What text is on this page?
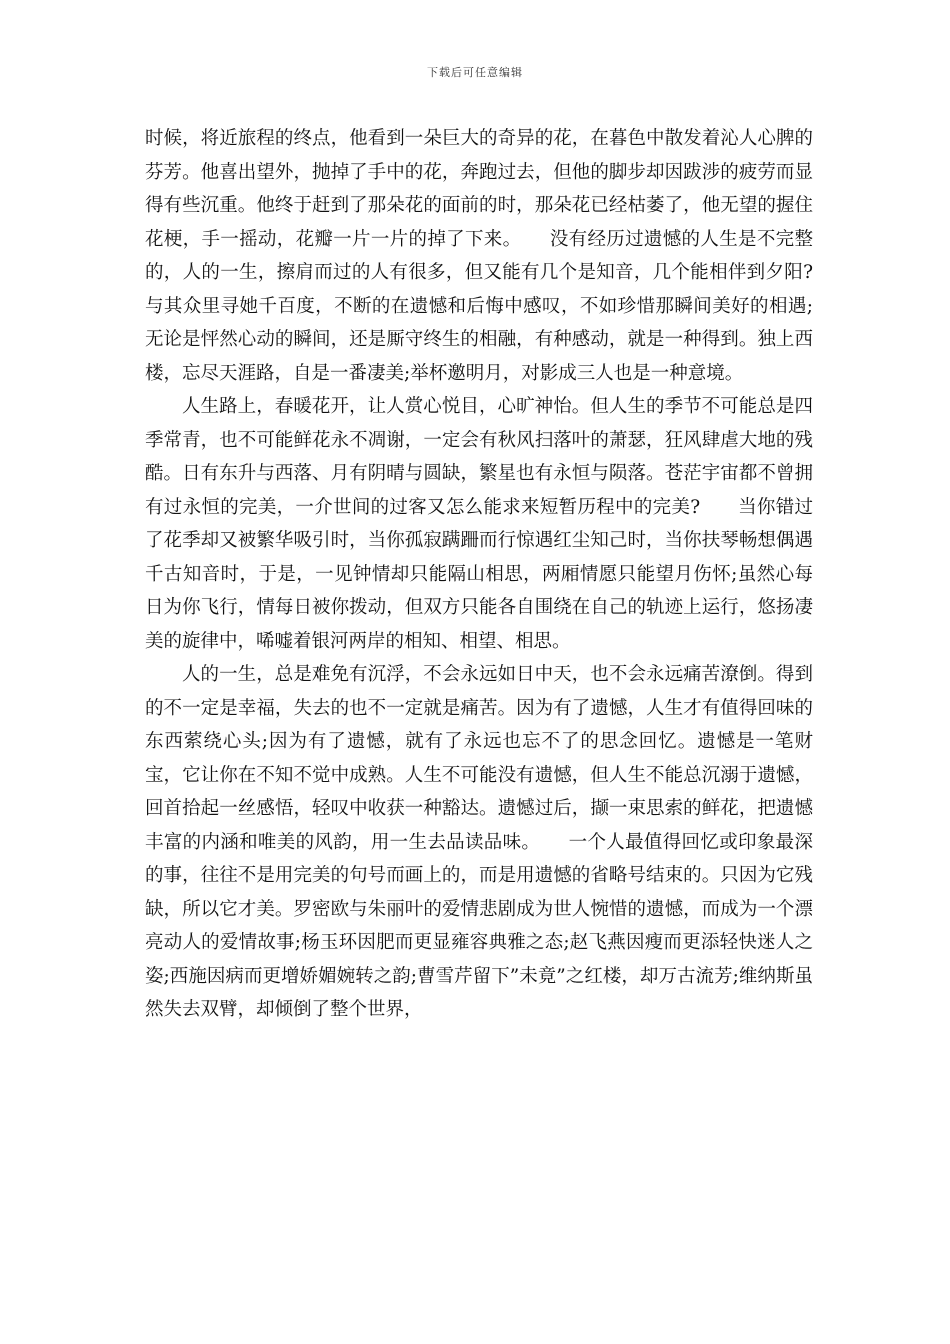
下载后可任意编辑

时候，将近旅程的终点，他看到一朵巨大的奇异的花，在暮色中散发着沁人心脾的芬芳。他喜出望外，抛掉了手中的花，奔跑过去，但他的脚步却因跋涉的疲劳而显得有些沉重。他终于赶到了那朵花的面前的时，那朵花已经枯萎了，他无望的握住花梗，手一摇动，花瓣一片一片的掉了下来。　　没有经历过遗憾的人生是不完整的，人的一生，擦肩而过的人有很多，但又能有几个是知音，几个能相伴到夕阳?与其众里寻她千百度，不断的在遗憾和后悔中感叹，不如珍惜那瞬间美好的相遇;无论是怦然心动的瞬间，还是厮守终生的相融，有种感动，就是一种得到。独上西楼，忘尽天涯路，自是一番凄美;举杯邀明月，对影成三人也是一种意境。

人生路上，春暖花开，让人赏心悦目，心旷神怡。但人生的季节不可能总是四季常青，也不可能鲜花永不凋谢，一定会有秋风扫落叶的萧瑟，狂风肆虐大地的残酷。日有东升与西落、月有阴晴与圆缺，繁星也有永恒与陨落。苍茫宇宙都不曾拥有过永恒的完美，一介世间的过客又怎么能求来短暂历程中的完美?　　当你错过了花季却又被繁华吸引时，当你孤寂蹒跚而行惊遇红尘知己时，当你扶琴畅想偶遇千古知音时，于是，一见钟情却只能隔山相思，两厢情愿只能望月伤怀;虽然心每日为你飞行，情每日被你拨动，但双方只能各自围绕在自己的轨迹上运行，悠扬凄美的旋律中，唏嘘着银河两岸的相知、相望、相思。

人的一生，总是难免有沉浮，不会永远如日中天，也不会永远痛苦潦倒。得到的不一定是幸福，失去的也不一定就是痛苦。因为有了遗憾，人生才有值得回味的东西萦绕心头;因为有了遗憾，就有了永远也忘不了的思念回忆。遗憾是一笔财宝，它让你在不知不觉中成熟。人生不可能没有遗憾，但人生不能总沉溺于遗憾，回首拾起一丝感悟，轻叹中收获一种豁达。遗憾过后，撷一束思索的鲜花，把遗憾丰富的内涵和唯美的风韵，用一生去品读品味。　　一个人最值得回忆或印象最深的事，往往不是用完美的句号而画上的，而是用遗憾的省略号结束的。只因为它残缺，所以它才美。罗密欧与朱丽叶的爱情悲剧成为世人惋惜的遗憾，而成为一个漂亮动人的爱情故事;杨玉环因肥而更显雍容典雅之态;赵飞燕因瘦而更添轻快迷人之姿;西施因病而更增娇媚婉转之韵;曹雪芹留下”未竟”之红楼，却万古流芳;维纳斯虽然失去双臂，却倾倒了整个世界，
